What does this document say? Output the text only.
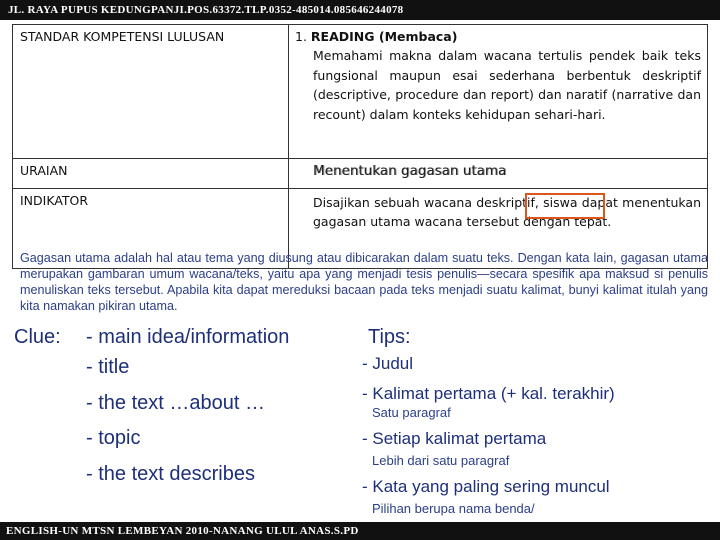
JL. RAYA PUPUS KEDUNGPANJI.POS.63372.TLP.0352-485014.085646244078
STANDAR KOMPETENSI LULUSAN	1. READING (Membaca)
Memahami makna dalam wacana tertulis pendek baik teks fungsional maupun esai sederhana berbentuk deskriptif (descriptive, procedure dan report) dan naratif (narrative dan recount) dalam konteks kehidupan sehari-hari.

URAIAN	Menentukan gagasan utama
INDIKATOR	Disajikan sebuah wacana deskriptif, siswa dapat menentukan gagasan utama wacana tersebut dengan tepat.
Gagasan utama adalah hal atau tema yang diusung atau dibicarakan dalam suatu teks. Dengan kata lain, gagasan utama merupakan gambaran umum wacana/teks, yaitu apa yang menjadi tesis penulis—secara spesifik apa maksud si penulis menuliskan teks tersebut. Apabila kita dapat mereduksi bacaan pada teks menjadi suatu kalimat, bunyi kalimat itulah yang kita namakan pikiran utama.
Clue: - main idea/information
- title
- the text …about …
- topic
- the text describes
Tips:
- Judul
- Kalimat pertama (+ kal. terakhir)
Satu paragraf
- Setiap kalimat pertama
Lebih dari satu paragraf
- Kata yang paling sering muncul
Pilihan berupa nama benda/
ENGLISH-UN MTSN LEMBEYAN 2010-NANANG ULUL ANAS.S.PD
